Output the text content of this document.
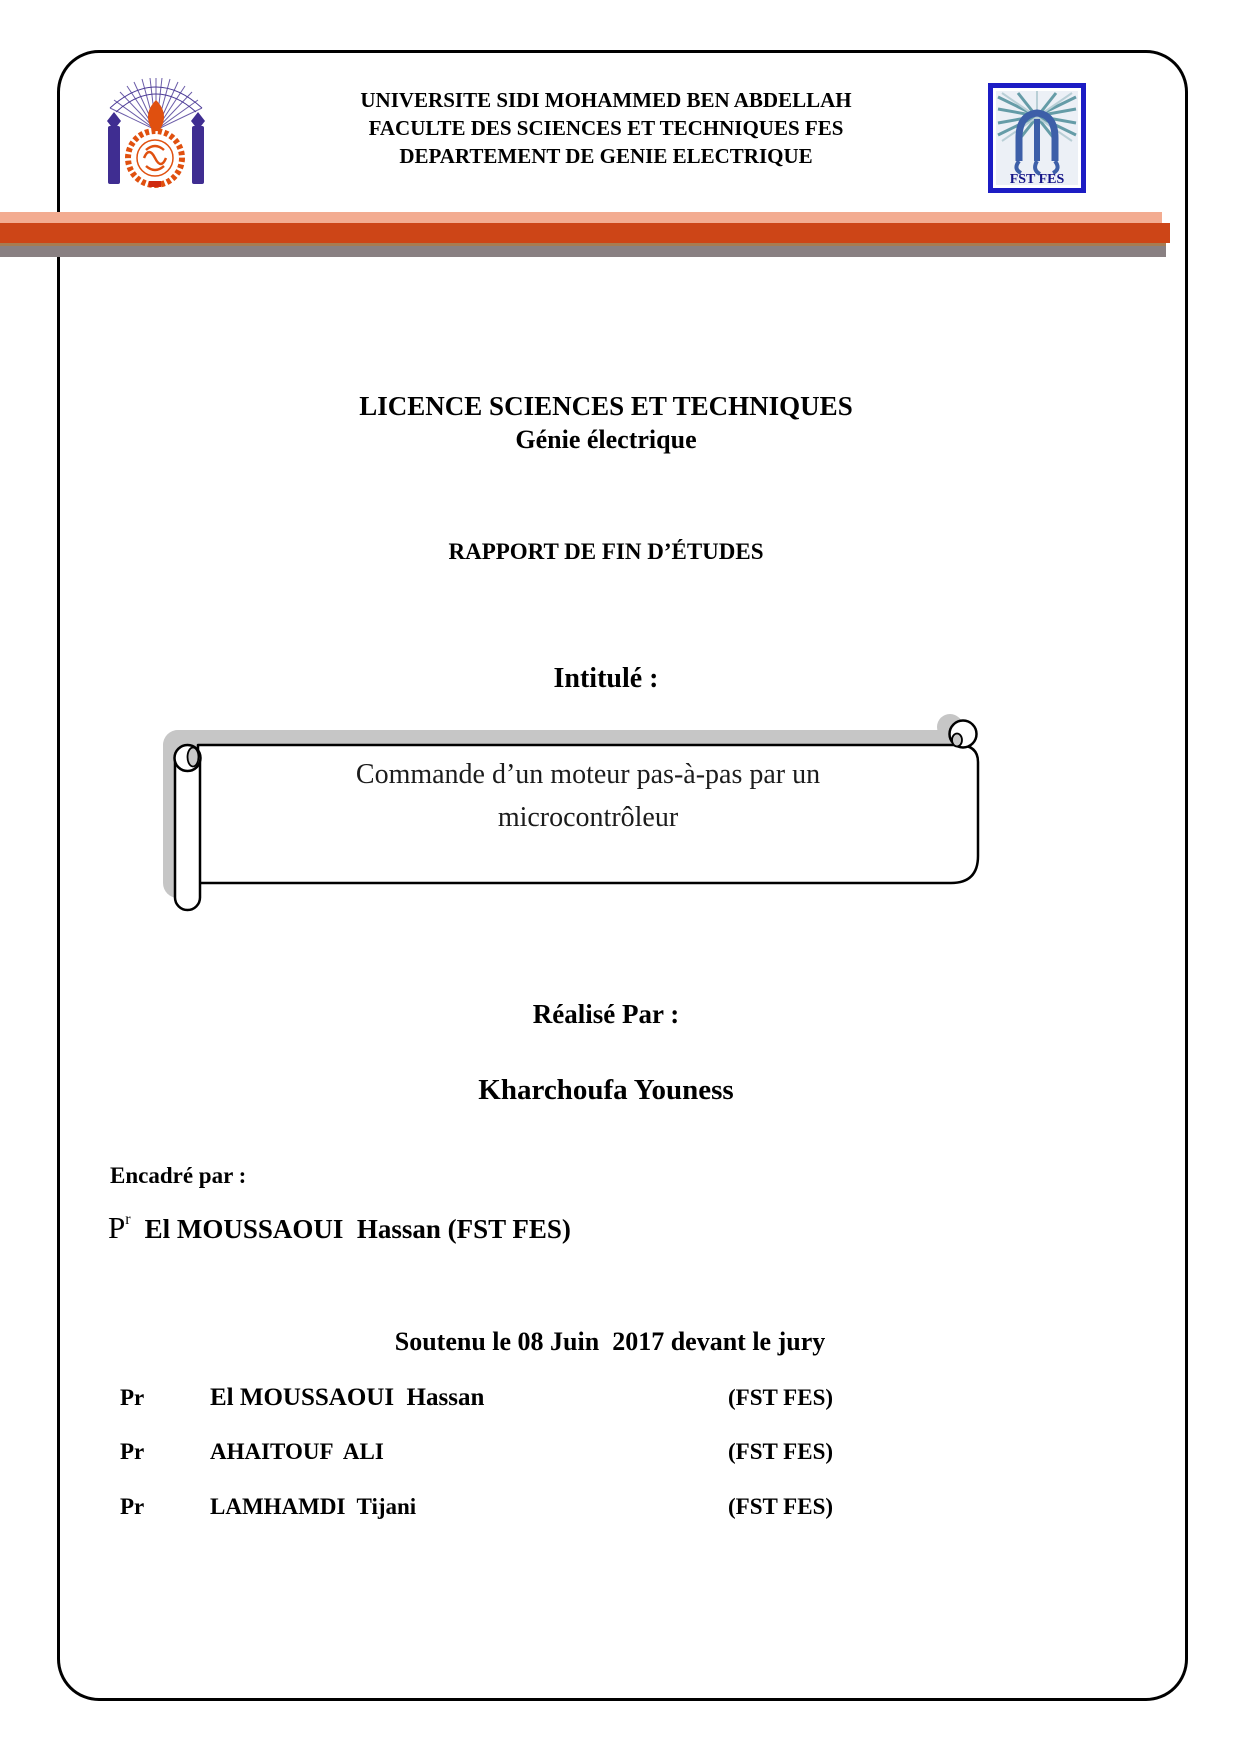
UNIVERSITE SIDI MOHAMMED BEN ABDELLAH
FACULTE DES SCIENCES ET TECHNIQUES FES
DEPARTEMENT DE GENIE ELECTRIQUE
FST FES
LICENCE SCIENCES ET TECHNIQUES
Génie électrique
RAPPORT DE FIN D’ÉTUDES
Intitulé :
Commande d’un moteur pas-à-pas par un
microcontrôleur
Réalisé Par :
Kharchoufa Youness
Encadré par :
$P^r$ El MOUSSAOUI  Hassan (FST FES)
Soutenu le 08 Juin  2017 devant le jury
Pr	El MOUSSAOUI  Hassan	(FST FES)
Pr	AHAITOUF  ALI	(FST FES)
Pr	LAMHAMDI  Tijani	(FST FES)
